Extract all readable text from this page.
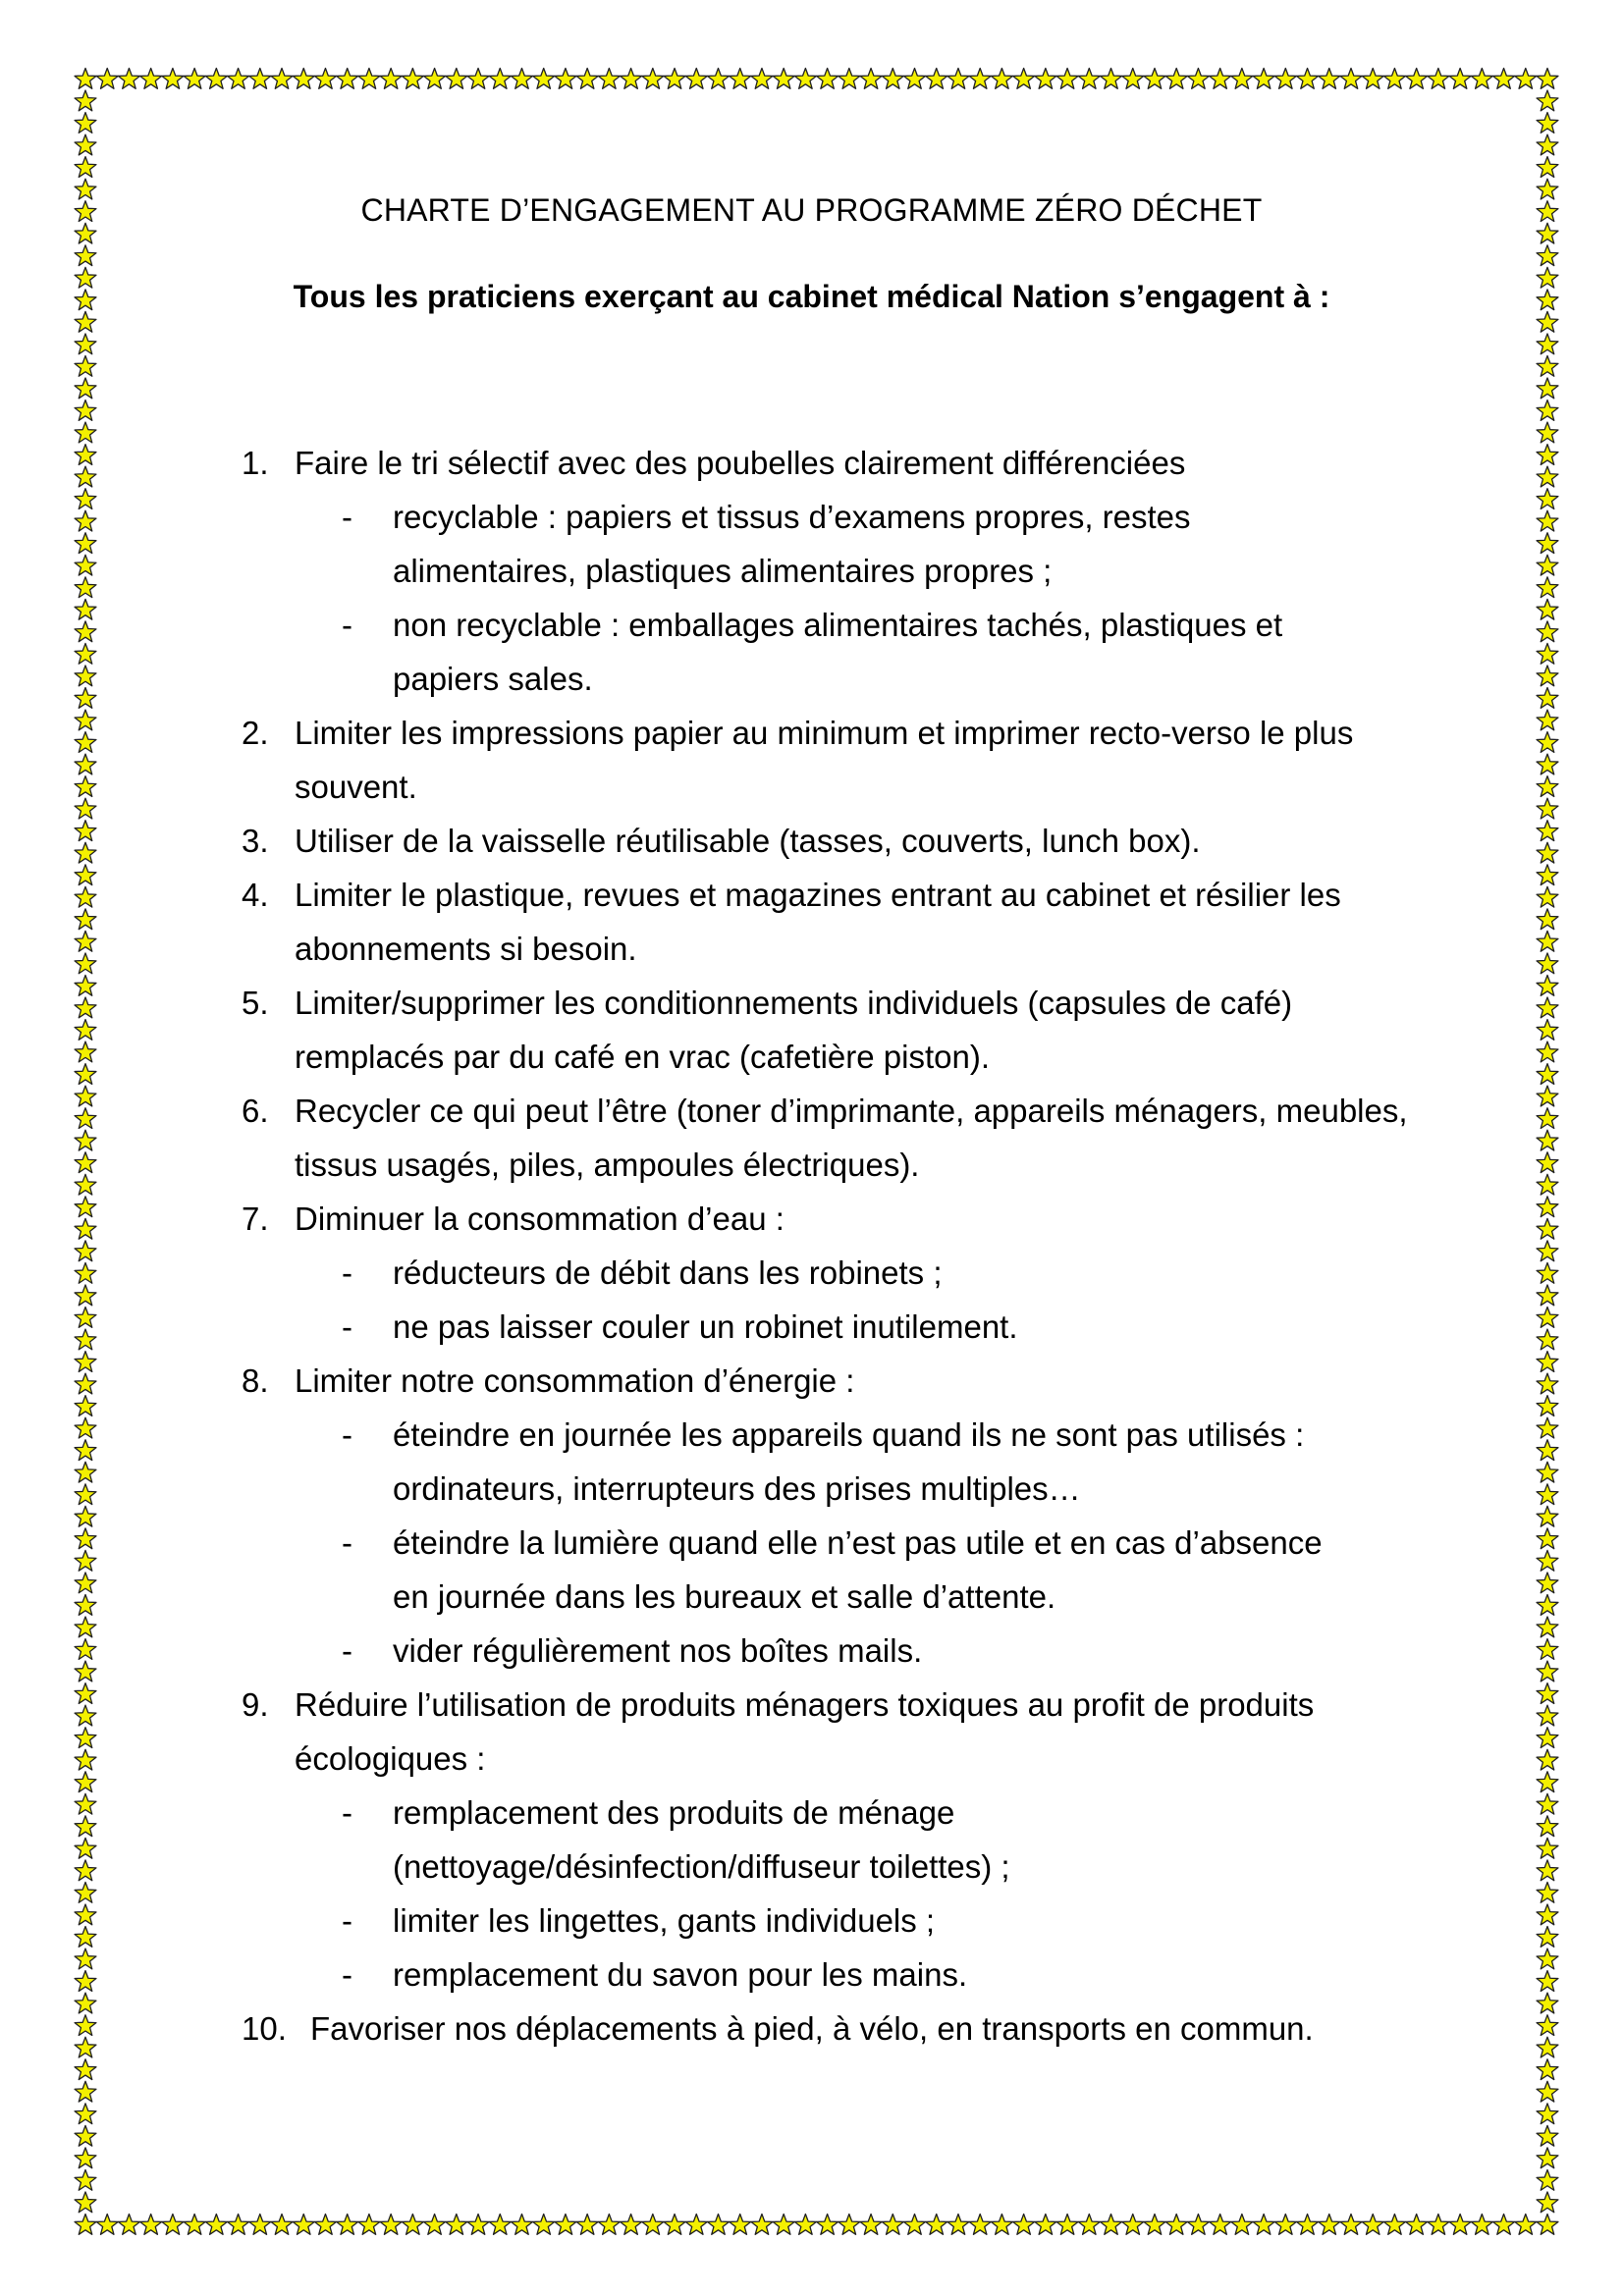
CHARTE D’ENGAGEMENT AU PROGRAMME ZÉRO DÉCHET
Tous les praticiens exerçant au cabinet médical Nation s’engagent à :
1. Faire le tri sélectif avec des poubelles clairement différenciées
- recyclable : papiers et tissus d’examens propres, restes alimentaires, plastiques alimentaires propres ;
- non recyclable : emballages alimentaires tachés, plastiques et papiers sales.
2. Limiter les impressions papier au minimum et imprimer recto-verso le plus souvent.
3. Utiliser de la vaisselle réutilisable (tasses, couverts, lunch box).
4. Limiter le plastique, revues et magazines entrant au cabinet et résilier les abonnements si besoin.
5. Limiter/supprimer les conditionnements individuels (capsules de café) remplacés par du café en vrac (cafetière piston).
6. Recycler ce qui peut l’être (toner d’imprimante, appareils ménagers, meubles, tissus usagés, piles, ampoules électriques).
7. Diminuer la consommation d’eau :
- réducteurs de débit dans les robinets ;
- ne pas laisser couler un robinet inutilement.
8. Limiter notre consommation d’énergie :
- éteindre en journée les appareils quand ils ne sont pas utilisés : ordinateurs, interrupteurs des prises multiples…
- éteindre la lumière quand elle n’est pas utile et en cas d’absence en journée dans les bureaux et salle d’attente.
- vider régulièrement nos boîtes mails.
9. Réduire l’utilisation de produits ménagers toxiques au profit de produits écologiques :
- remplacement des produits de ménage (nettoyage/désinfection/diffuseur toilettes) ;
- limiter les lingettes, gants individuels ;
- remplacement du savon pour les mains.
10. Favoriser nos déplacements à pied, à vélo, en transports en commun.
